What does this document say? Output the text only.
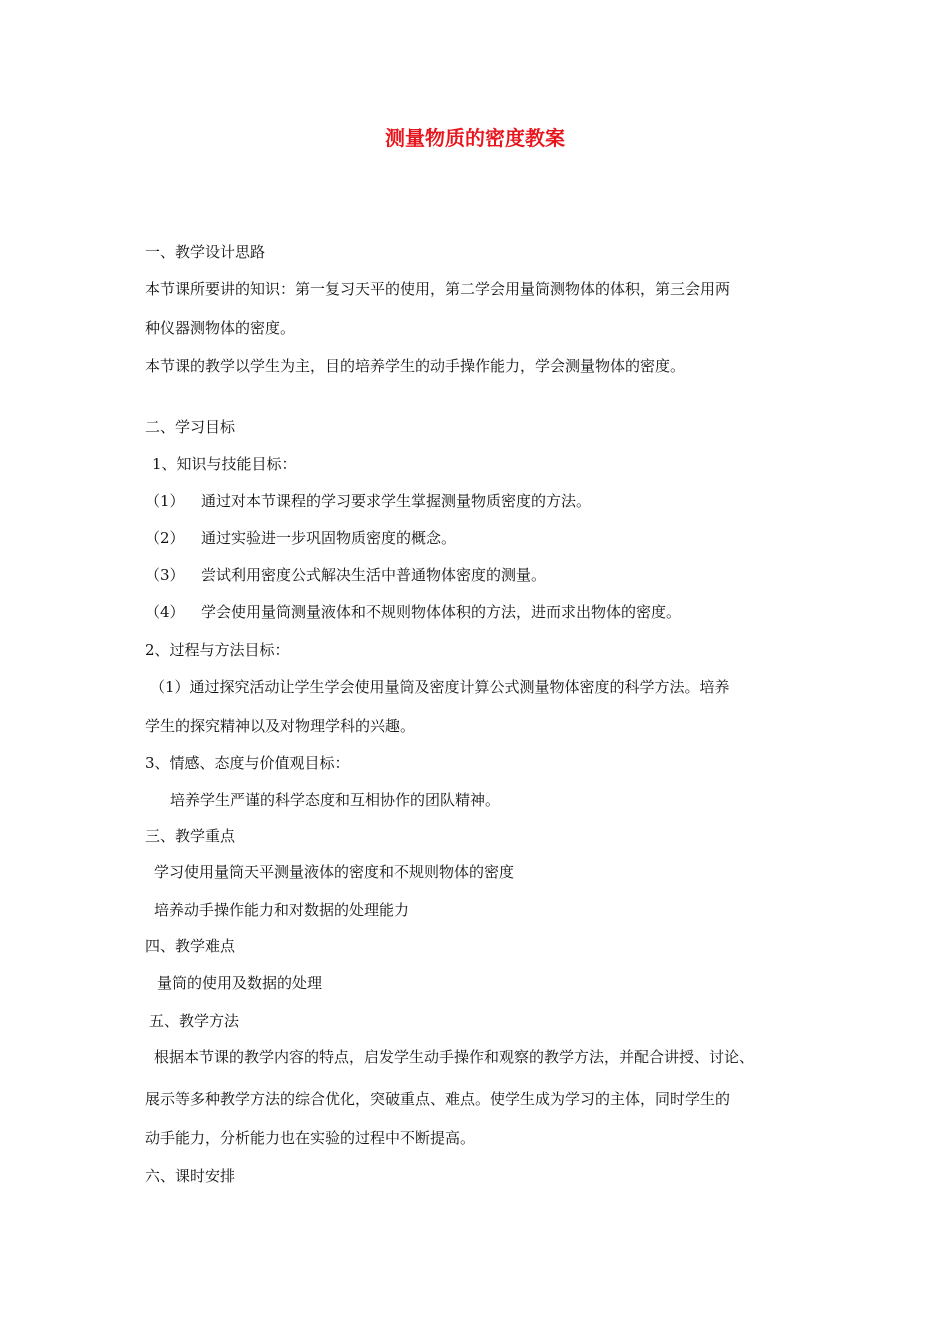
测量物质的密度教案
一、教学设计思路
本节课所要讲的知识：第一复习天平的使用，第二学会用量筒测物体的体积，第三会用两
种仪器测物体的密度。
本节课的教学以学生为主，目的培养学生的动手操作能力，学会测量物体的密度。
二、学习目标
1、知识与技能目标：
（1） 通过对本节课程的学习要求学生掌握测量物质密度的方法。
（2） 通过实验进一步巩固物质密度的概念。
（3） 尝试利用密度公式解决生活中普通物体密度的测量。
（4） 学会使用量筒测量液体和不规则物体体积的方法，进而求出物体的密度。
2、过程与方法目标：
（1）通过探究活动让学生学会使用量筒及密度计算公式测量物体密度的科学方法。培养
学生的探究精神以及对物理学科的兴趣。
3、情感、态度与价值观目标：
培养学生严谨的科学态度和互相协作的团队精神。
三、教学重点
学习使用量筒天平测量液体的密度和不规则物体的密度
培养动手操作能力和对数据的处理能力
四、教学难点
量筒的使用及数据的处理
五、教学方法
根据本节课的教学内容的特点，启发学生动手操作和观察的教学方法，并配合讲授、讨论、
展示等多种教学方法的综合优化，突破重点、难点。使学生成为学习的主体，同时学生的
动手能力，分析能力也在实验的过程中不断提高。
六、课时安排
